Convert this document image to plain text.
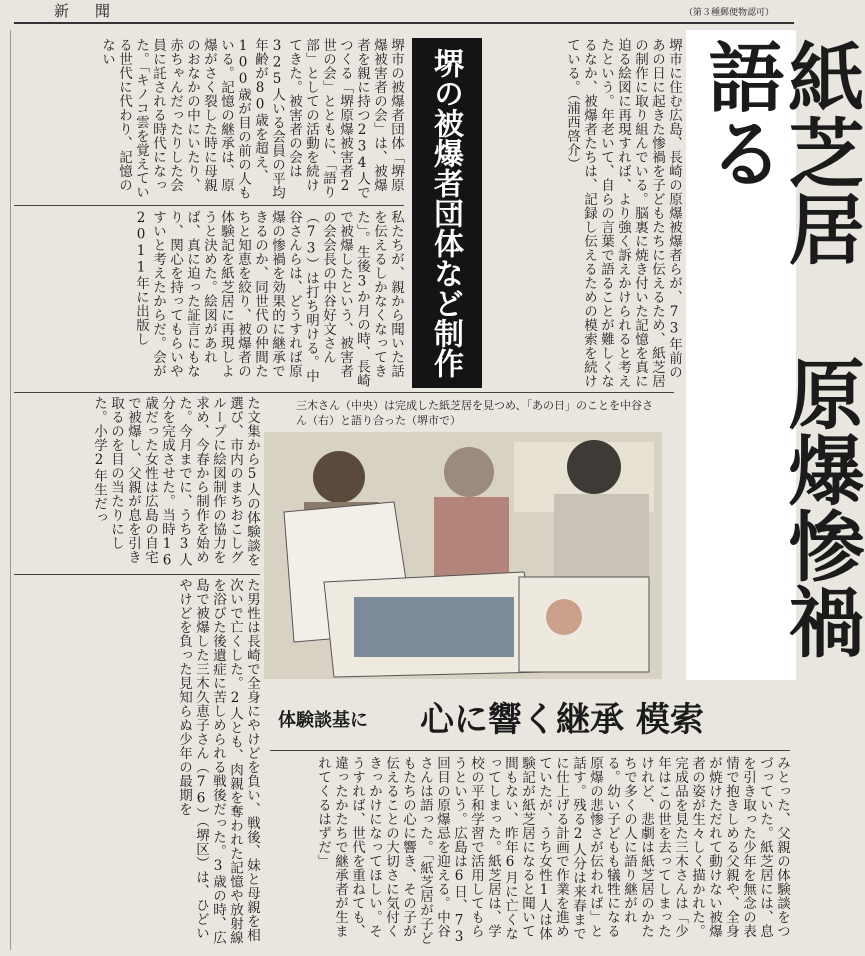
新聞	（第３種郵便物認可）
紙芝居 原爆惨禍語る
堺市に住む広島、長崎の原爆被爆者らが、73年前のあの日に起きた惨禍を子どもたちに伝えるため、紙芝居の制作に取り組んでいる。脳裏に焼き付いた記憶を真に迫る絵図に再現すれば、より強く訴えかけられると考えたという。年老いて、自らの言葉で語ることが難しくなるなか、被爆者たちは、記録し伝えるための模索を続けている。（浦西啓介）
堺の被爆者団体など制作
堺市の被爆者団体「堺原爆被害者の会」は、被爆者を親に持つ234人でつくる「堺原爆被害者2世の会」とともに、「語り部」としての活動を続けてきた。被害者の会は325人いる会員の平均年齢が80歳を超え、100歳が目の前の人もいる。記憶の継承は、原爆がさく裂した時に母親のおなかの中にいたり、赤ちゃんだったりした会員に託される時代になった。「キノコ雲を覚えている世代に代わり、記憶のない
私たちが、親から聞いた話を伝えるしかなくなってきた」。生後3か月の時、長崎で被爆したという、被害者の会会長の中谷好文さん（73）は打ち明ける。中谷さんらは、どうすれば原爆の惨禍を効果的に継承できるのか、同世代の仲間たちと知恵を絞り、被爆者の体験記を紙芝居に再現しようと決めた。絵図があれば、真に迫った証言にもなり、関心を持ってもらいやすいと考えたからだ。会が2011年に出版し
た文集から5人の体験談を選び、市内のまちおこしグループに絵図制作の協力を求め、今春から制作を始めた。今月までに、うち3人分を完成させた。当時16歳だった女性は広島の自宅で被爆し、父親が息を引き取るのを目の当たりにした。小学2年生だっ
た男性は長崎で全身にやけどを負い、戦後、妹と母親を相次いで亡くした。2人とも、肉親を奪われた記憶や放射線を浴びた後遺症に苦しめられる戦後だった。3歳の時、広島で被爆した三木久恵子さん（76）（堺区）は、ひどいやけどを負った見知らぬ少年の最期を
みとった、父親の体験談をつづっていた。紙芝居には、息を引き取った少年を無念の表情で抱きしめる父親や、全身が焼けただれて動けない被爆者の姿が生々しく描かれた。完成品を見た三木さんは「少年はこの世を去ってしまったけれど、悲劇は紙芝居のかたちで多くの人に語り継がれる。幼い子どもも犠牲になる原爆の悲惨さが伝われば」と話す。残る2人分は来春までに仕上げる計画で作業を進めていたが、うち女性1人は体験記が紙芝居になると聞いて間もない、昨年6月に亡くなってしまった。紙芝居は、学校の平和学習で活用してもらうという。広島は6日、73回目の原爆忌を迎える。中谷さんは語った。「紙芝居が子どもたちの心に響き、その子が伝えることの大切さに気付くきっかけになってほしい。そうすれば、世代を重ねても、違ったかたちで継承者が生まれてくるはずだ」
三木さん（中央）は完成した紙芝居を見つめ、「あの日」のことを中谷さん（右）と語り合った（堺市で）
体験談基に 心に響く継承 模索
